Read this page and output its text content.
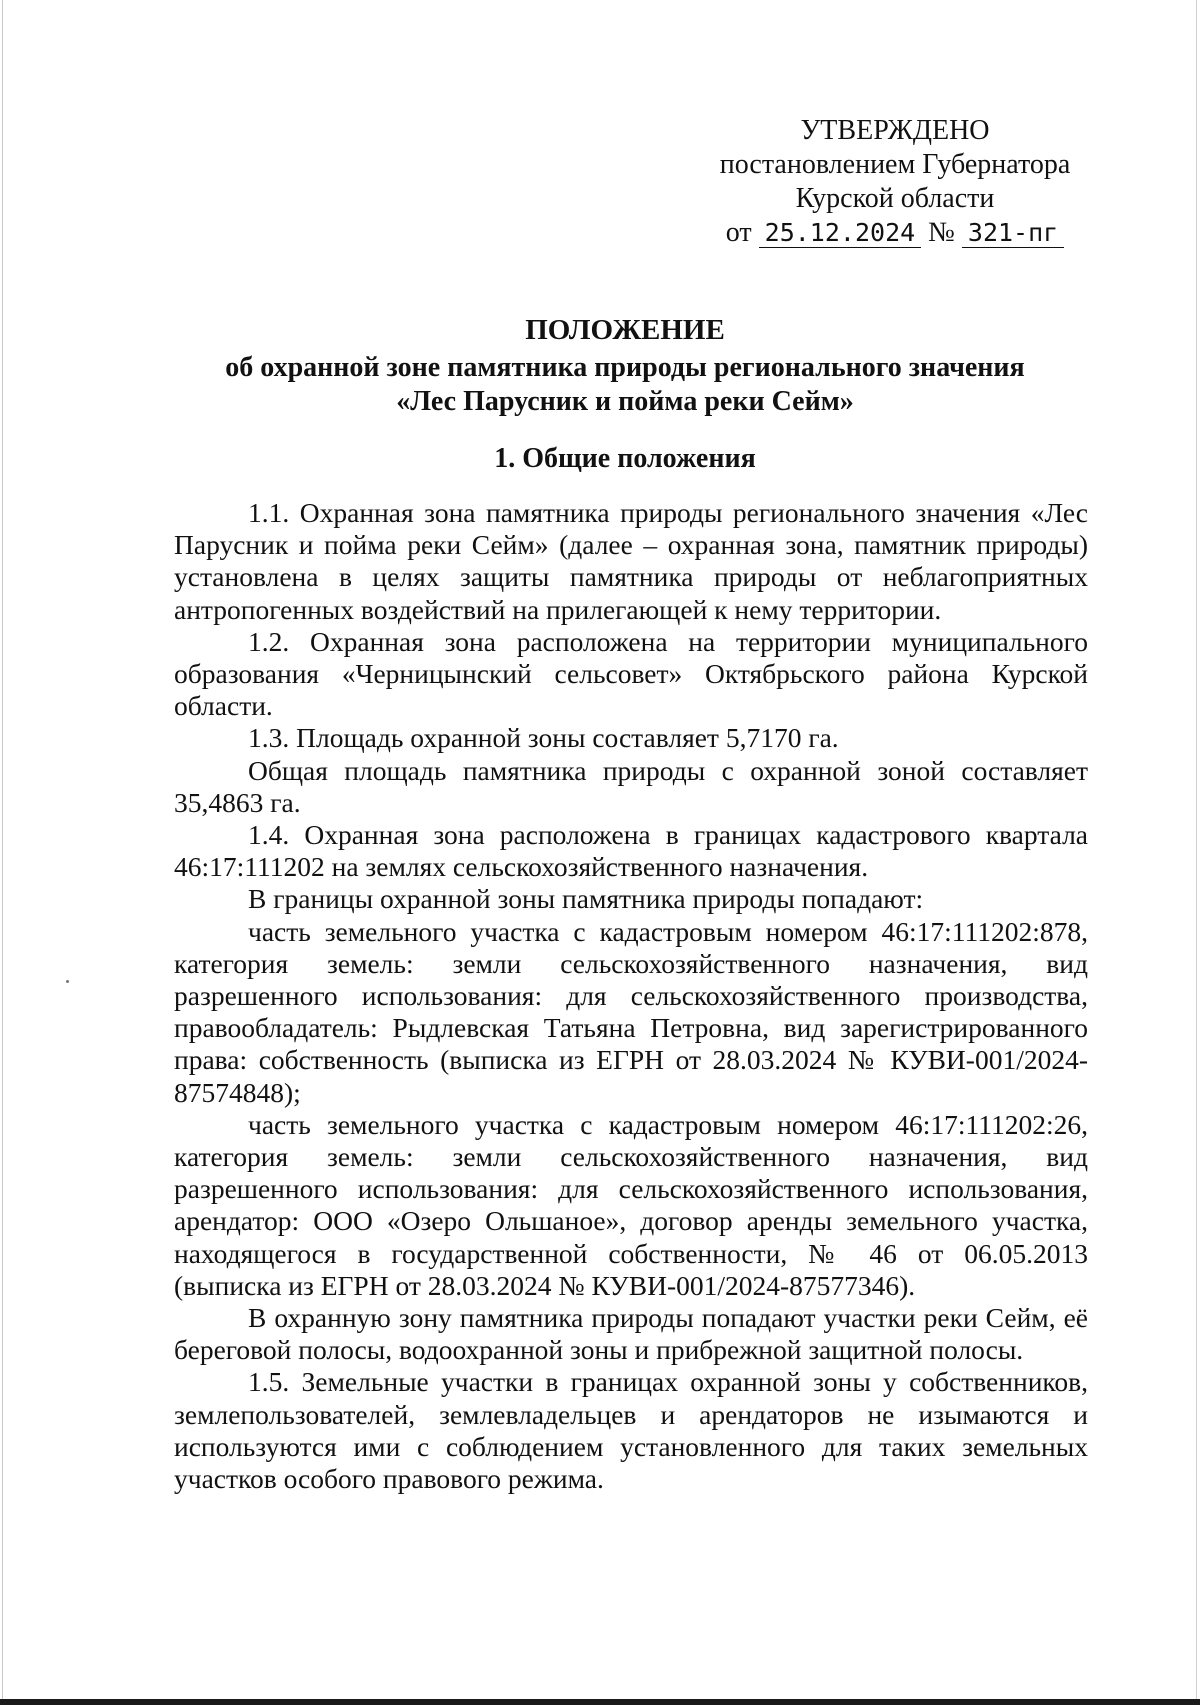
УТВЕРЖДЕНО
постановлением Губернатора
Курской области
от 25.12.2024 № 321-пг
ПОЛОЖЕНИЕ
об охранной зоне памятника природы регионального значения
«Лес Парусник и пойма реки Сейм»
1. Общие положения

1.1. Охранная зона памятника природы регионального значения «Лес Парусник и пойма реки Сейм» (далее – охранная зона, памятник природы) установлена в целях защиты памятника природы от неблагоприятных антропогенных воздействий на прилегающей к нему территории.

1.2. Охранная зона расположена на территории муниципального образования «Черницынский сельсовет» Октябрьского района Курской области.

1.3. Площадь охранной зоны составляет 5,7170 га.

Общая площадь памятника природы с охранной зоной составляет 35,4863 га.

1.4. Охранная зона расположена в границах кадастрового квартала 46:17:111202 на землях сельскохозяйственного назначения.

В границы охранной зоны памятника природы попадают:

часть земельного участка с кадастровым номером 46:17:111202:878, категория земель: земли сельскохозяйственного назначения, вид разрешенного использования: для сельскохозяйственного производства, правообладатель: Рыдлевская Татьяна Петровна, вид зарегистрированного права: собственность (выписка из ЕГРН от 28.03.2024 № КУВИ-001/2024-87574848);

часть земельного участка с кадастровым номером 46:17:111202:26, категория земель: земли сельскохозяйственного назначения, вид разрешенного использования: для сельскохозяйственного использования, арендатор: ООО «Озеро Ольшаное», договор аренды земельного участка, находящегося в государственной собственности, № 46 от 06.05.2013 (выписка из ЕГРН от 28.03.2024 № КУВИ-001/2024-87577346).

В охранную зону памятника природы попадают участки реки Сейм, её береговой полосы, водоохранной зоны и прибрежной защитной полосы.

1.5. Земельные участки в границах охранной зоны у собственников, землепользователей, землевладельцев и арендаторов не изымаются и используются ими с соблюдением установленного для таких земельных участков особого правового режима.
